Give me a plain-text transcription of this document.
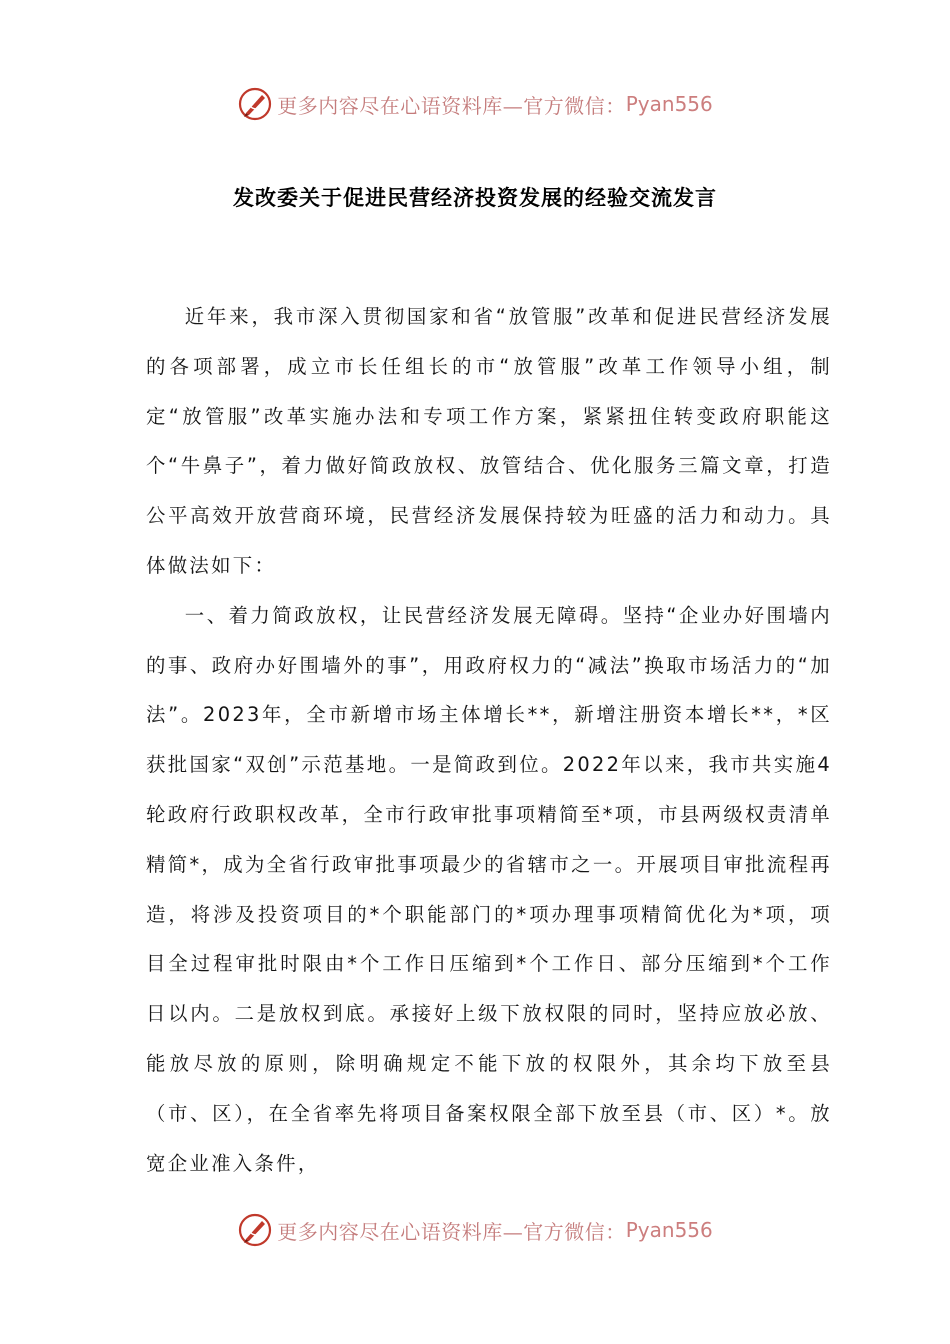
更多内容尽在心语资料库—官方微信： Pyan556
发改委关于促进民营经济投资发展的经验交流发言

近年来，我市深入贯彻国家和省“放管服”改革和促进民营经济发展的各项部署，成立市长任组长的市“放管服”改革工作领导小组，制定“放管服”改革实施办法和专项工作方案，紧紧扭住转变政府职能这个“牛鼻子”，着力做好简政放权、放管结合、优化服务三篇文章，打造公平高效开放营商环境，民营经济发展保持较为旺盛的活力和动力。具体做法如下：

一、着力简政放权，让民营经济发展无障碍。坚持“企业办好围墙内的事、政府办好围墙外的事”，用政府权力的“减法”换取市场活力的“加法”。2023年，全市新增市场主体增长**，新增注册资本增长**，*区获批国家“双创”示范基地。一是简政到位。2022年以来，我市共实施4轮政府行政职权改革，全市行政审批事项精简至*项，市县两级权责清单精简*，成为全省行政审批事项最少的省辖市之一。开展项目审批流程再造，将涉及投资项目的*个职能部门的*项办理事项精简优化为*项，项目全过程审批时限由*个工作日压缩到*个工作日、部分压缩到*个工作日以内。二是放权到底。承接好上级下放权限的同时，坚持应放必放、能放尽放的原则，除明确规定不能下放的权限外，其余均下放至县（市、区），在全省率先将项目备案权限全部下放至县（市、区）*。放宽企业准入条件，

更多内容尽在心语资料库—官方微信： Pyan556
